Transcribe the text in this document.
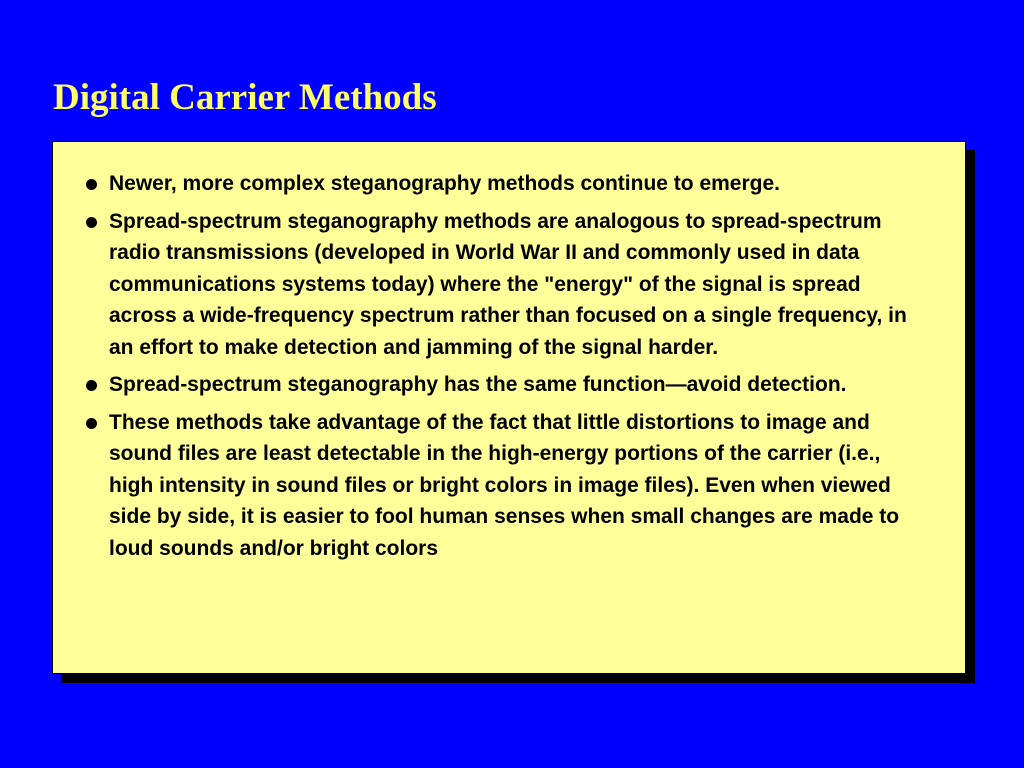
Digital Carrier Methods
Newer, more complex steganography methods continue to emerge.
Spread-spectrum steganography methods are analogous to spread-spectrum radio transmissions (developed in World War II and commonly used in data communications systems today) where the "energy" of the signal is spread across a wide-frequency spectrum rather than focused on a single frequency, in an effort to make detection and jamming of the signal harder.
Spread-spectrum steganography has the same function—avoid detection.
These methods take advantage of the fact that little distortions to image and sound files are least detectable in the high-energy portions of the carrier (i.e., high intensity in sound files or bright colors in image files). Even when viewed side by side, it is easier to fool human senses when small changes are made to loud sounds and/or bright colors
